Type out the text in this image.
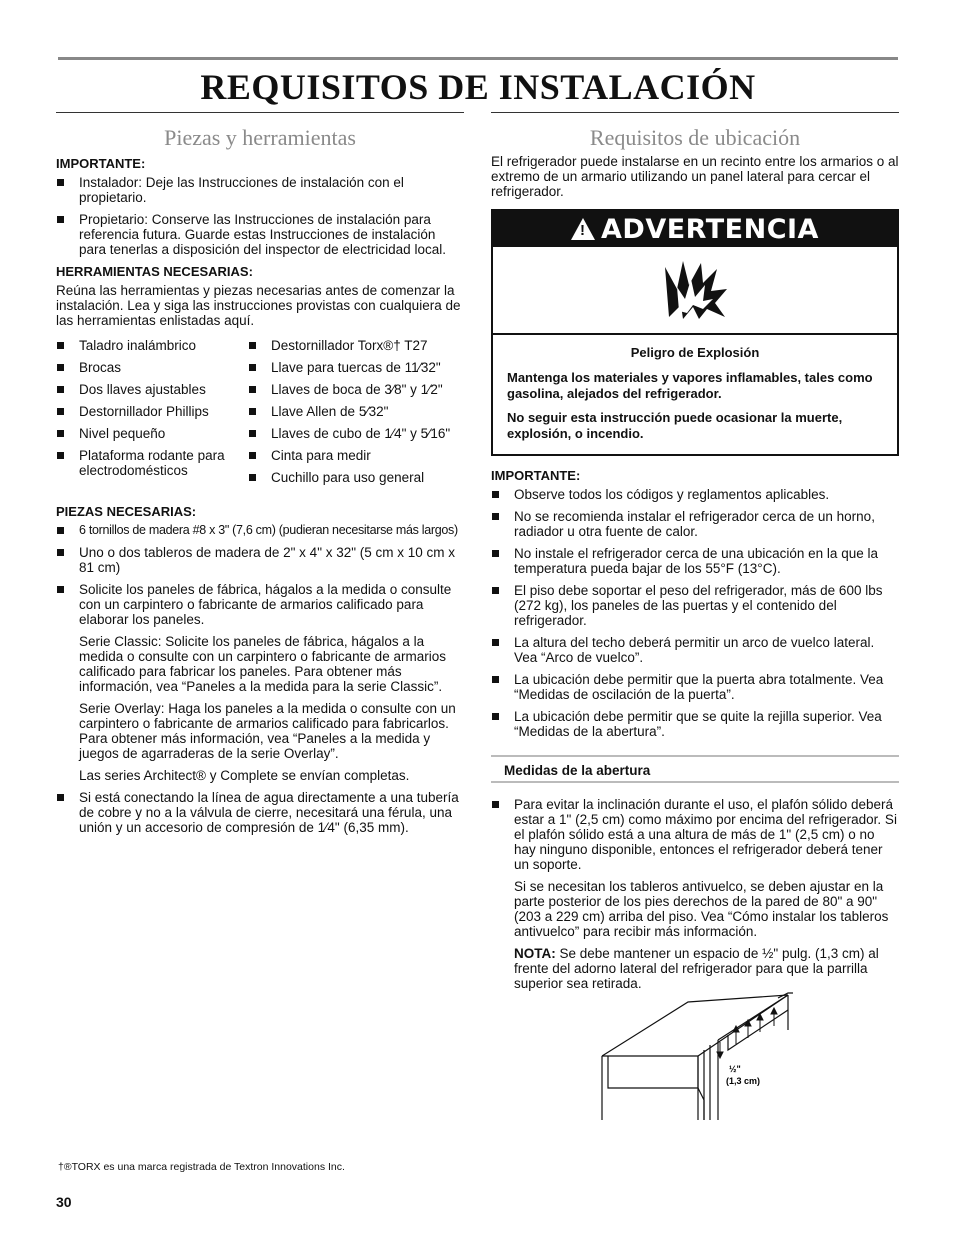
REQUISITOS DE INSTALACIÓN
Piezas y herramientas
IMPORTANTE:
Instalador: Deje las Instrucciones de instalación con el propietario.
Propietario: Conserve las Instrucciones de instalación para referencia futura. Guarde estas Instrucciones de instalación para tenerlas a disposición del inspector de electricidad local.
HERRAMIENTAS NECESARIAS:

Reúna las herramientas y piezas necesarias antes de comenzar la instalación. Lea y siga las instrucciones provistas con cualquiera de las herramientas enlistadas aquí.

Taladro inalámbrico
Brocas
Dos llaves ajustables
Destornillador Phillips
Nivel pequeño
Plataforma rodante para electrodomésticos
Destornillador Torx®† T27
Llave para tuercas de 11⁄32"
Llaves de boca de 3⁄8" y 1⁄2"
Llave Allen de 5⁄32"
Llaves de cubo de 1⁄4" y 5⁄16"
Cinta para medir
Cuchillo para uso general
PIEZAS NECESARIAS:
6 tornillos de madera #8 x 3" (7,6 cm) (pudieran necesitarse más largos)
Uno o dos tableros de madera de 2" x 4" x 32" (5 cm x 10 cm x 81 cm)
Solicite los paneles de fábrica, hágalos a la medida o consulte con un carpintero o fabricante de armarios calificado para elaborar los paneles.
Serie Classic: Solicite los paneles de fábrica, hágalos a la medida o consulte con un carpintero o fabricante de armarios calificado para fabricar los paneles. Para obtener más información, vea “Paneles a la medida para la serie Classic”.
Serie Overlay: Haga los paneles a la medida o consulte con un carpintero o fabricante de armarios calificado para fabricarlos. Para obtener más información, vea “Paneles a la medida y juegos de agarraderas de la serie Overlay”.
Las series Architect® y Complete se envían completas.
Si está conectando la línea de agua directamente a una tubería de cobre y no a la válvula de cierre, necesitará una férula, una unión y un accesorio de compresión de 1⁄4" (6,35 mm).
Requisitos de ubicación

El refrigerador puede instalarse en un recinto entre los armarios o al extremo de un armario utilizando un panel lateral para cercar el refrigerador.

! ADVERTENCIA
Peligro de Explosión

Mantenga los materiales y vapores inflamables, tales como gasolina, alejados del refrigerador.

No seguir esta instrucción puede ocasionar la muerte, explosión, o incendio.

IMPORTANTE:
Observe todos los códigos y reglamentos aplicables.
No se recomienda instalar el refrigerador cerca de un horno, radiador u otra fuente de calor.
No instale el refrigerador cerca de una ubicación en la que la temperatura pueda bajar de los 55°F (13°C).
El piso debe soportar el peso del refrigerador, más de 600 lbs (272 kg), los paneles de las puertas y el contenido del refrigerador.
La altura del techo deberá permitir un arco de vuelco lateral. Vea “Arco de vuelco”.
La ubicación debe permitir que la puerta abra totalmente. Vea “Medidas de oscilación de la puerta”.
La ubicación debe permitir que se quite la rejilla superior. Vea “Medidas de la abertura”.
Medidas de la abertura
Para evitar la inclinación durante el uso, el plafón sólido deberá estar a 1" (2,5 cm) como máximo por encima del refrigerador. Si el plafón sólido está a una altura de más de 1" (2,5 cm) o no hay ninguno disponible, entonces el refrigerador deberá tener un soporte.
Si se necesitan los tableros antivuelco, se deben ajustar en la parte posterior de los pies derechos de la pared de 80" a 90" (203 a 229 cm) arriba del piso. Vea “Cómo instalar los tableros antivuelco” para recibir más información.
NOTA: Se debe mantener un espacio de ½" pulg. (1,3 cm) al frente del adorno lateral del refrigerador para que la parrilla superior sea retirada.
½"
(1,3 cm)
†®TORX es una marca registrada de Textron Innovations Inc.
30
